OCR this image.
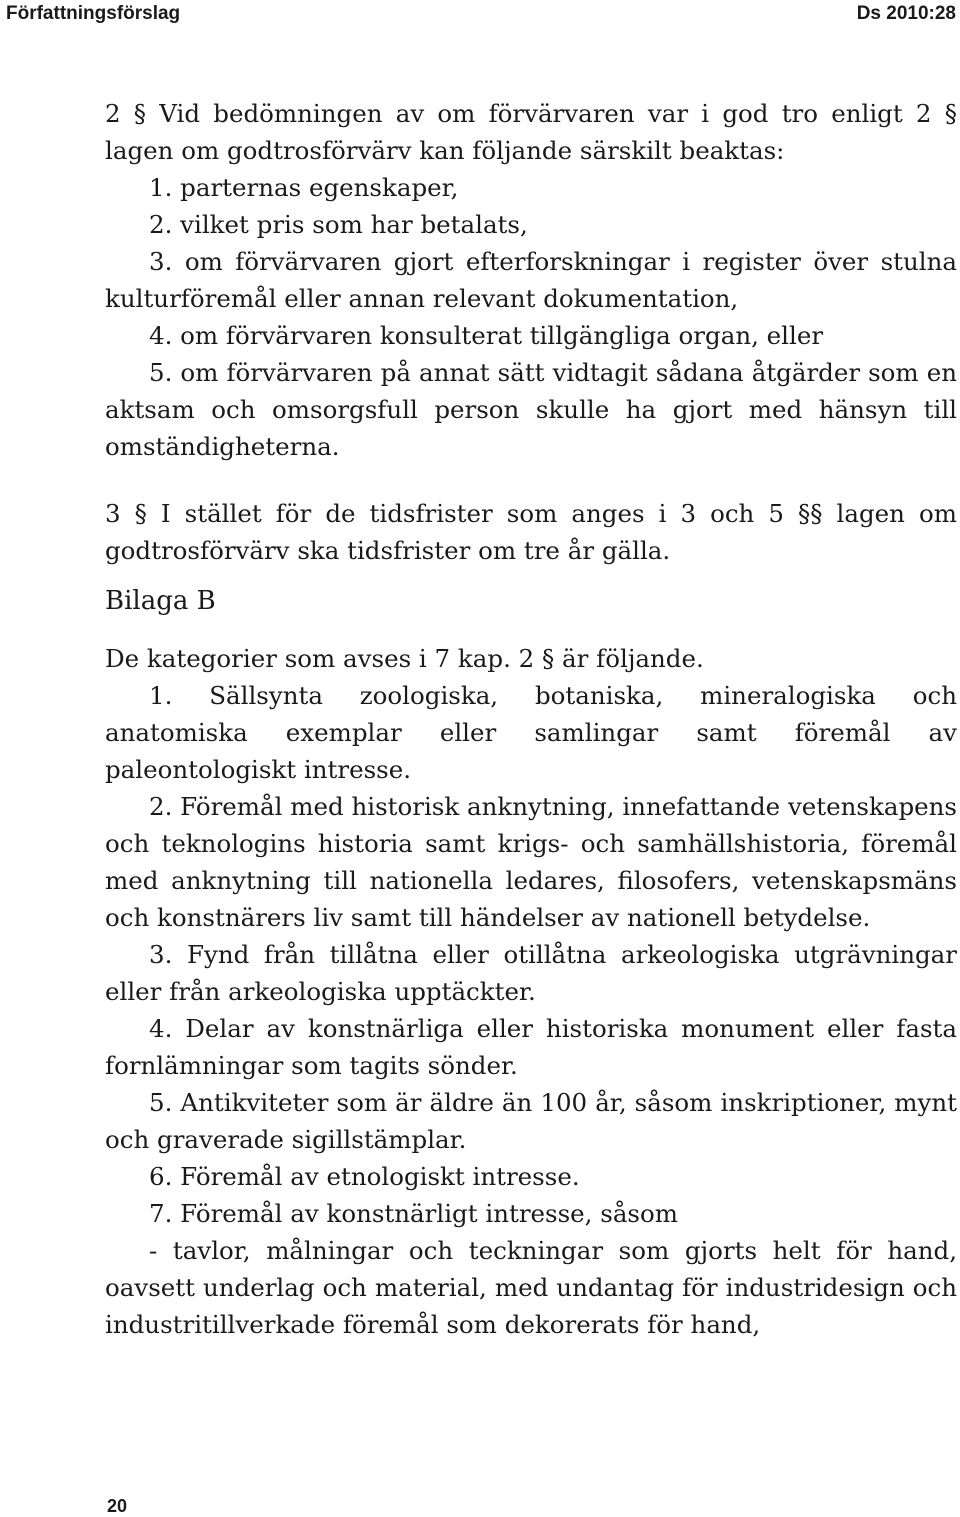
Författningsförslag	Ds 2010:28

2 § Vid bedömningen av om förvärvaren var i god tro enligt 2 § lagen om godtrosförvärv kan följande särskilt beaktas:

1. parternas egenskaper,

2. vilket pris som har betalats,

3. om förvärvaren gjort efterforskningar i register över stulna kulturföremål eller annan relevant dokumentation,

4. om förvärvaren konsulterat tillgängliga organ, eller

5. om förvärvaren på annat sätt vidtagit sådana åtgärder som en aktsam och omsorgsfull person skulle ha gjort med hänsyn till omständigheterna.

3 § I stället för de tidsfrister som anges i 3 och 5 §§ lagen om godtrosförvärv ska tidsfrister om tre år gälla.

Bilaga B

De kategorier som avses i 7 kap. 2 § är följande.

1. Sällsynta zoologiska, botaniska, mineralogiska och anatomiska exemplar eller samlingar samt föremål av paleontologiskt intresse.

2. Föremål med historisk anknytning, innefattande vetenskapens och teknologins historia samt krigs- och samhällshistoria, föremål med anknytning till nationella ledares, filosofers, vetenskapsmäns och konstnärers liv samt till händelser av nationell betydelse.

3. Fynd från tillåtna eller otillåtna arkeologiska utgrävningar eller från arkeologiska upptäckter.

4. Delar av konstnärliga eller historiska monument eller fasta fornlämningar som tagits sönder.

5. Antikviteter som är äldre än 100 år, såsom inskriptioner, mynt och graverade sigillstämplar.

6. Föremål av etnologiskt intresse.

7. Föremål av konstnärligt intresse, såsom

- tavlor, målningar och teckningar som gjorts helt för hand, oavsett underlag och material, med undantag för industridesign och industritillverkade föremål som dekorerats för hand,

20
